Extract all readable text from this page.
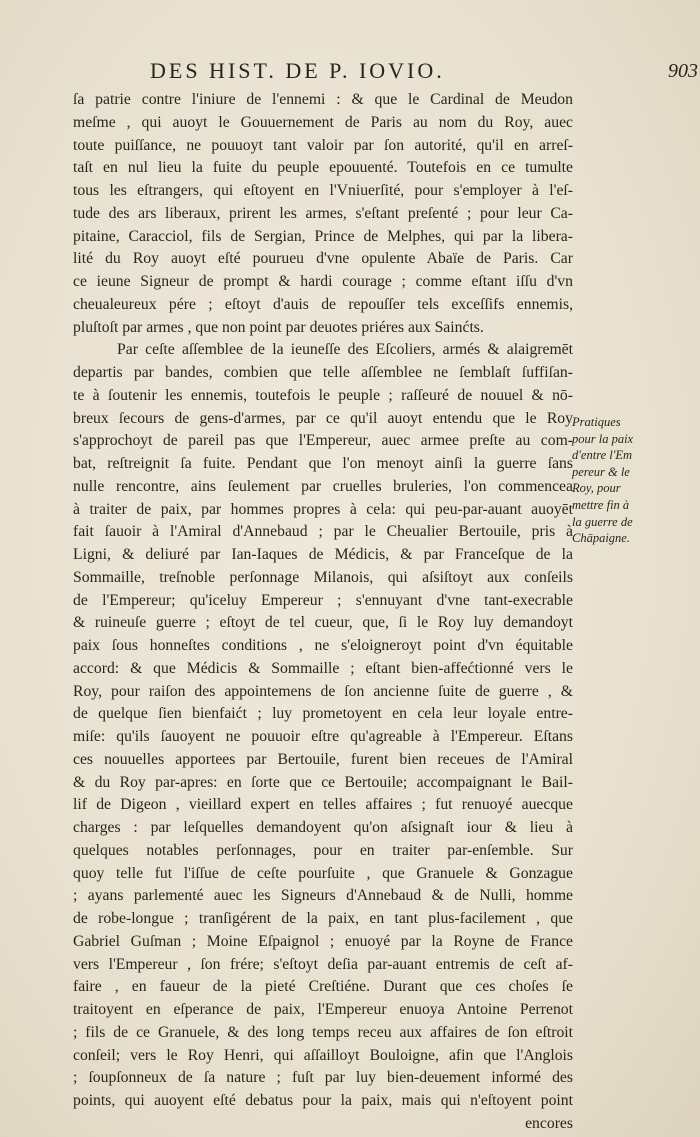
DES HIST. DE P. IOVIO.	903
ſa patrie contre l'iniure de l'ennemi : & que le Cardinal de Meudon
meſme , qui auoyt le Gouuernement de Paris au nom du Roy, auec
toute puiſſance, ne pouuoyt tant valoir par ſon autorité, qu'il en arreſ-
taſt en nul lieu la fuite du peuple epouuenté. Toutefois en ce tumulte
tous les eſtrangers, qui eſtoyent en l'Vniuerſité, pour s'employer à l'eſ-
tude des ars liberaux, prirent les armes, s'eſtant preſenté ; pour leur Ca-
pitaine, Caracciol, fils de Sergian, Prince de Melphes, qui par la libera-
lité du Roy auoyt eſté pourueu d'vne opulente Abaïe de Paris. Car
ce ieune Signeur de prompt & hardi courage ; comme eſtant iſſu d'vn
cheualeureux pére ; eſtoyt d'auis de repouſſer tels exceſſifs ennemis,
pluſtoſt par armes , que non point par deuotes priéres aux Sainćts.
Par ceſte aſſemblee de la ieuneſſe des Eſcoliers, armés & alaigremēt
departis par bandes, combien que telle aſſemblee ne ſemblaſt ſuffiſan-
te à ſoutenir les ennemis, toutefois le peuple ; raſſeuré de nouuel & nō-
breux ſecours de gens-d'armes, par ce qu'il auoyt entendu que le Roy
s'approchoyt de pareil pas que l'Empereur, auec armee preſte au com-
bat, reſtreignit ſa fuite. Pendant que l'on menoyt ainſi la guerre ſans
nulle rencontre, ains ſeulement par cruelles bruleries, l'on commencea
à traiter de paix, par hommes propres à cela: qui peu-par-auant auoyēt
fait ſauoir à l'Amiral d'Annebaud ; par le Cheualier Bertouile, pris à
Ligni, & deliuré par Ian-Iaques de Médicis, & par Franceſque de la
Sommaille, treſnoble perſonnage Milanois, qui aſsiſtoyt aux conſeils
de l'Empereur; qu'iceluy Empereur ; s'ennuyant d'vne tant-execrable
& ruineuſe guerre ; eſtoyt de tel cueur, que, ſi le Roy luy demandoyt
paix ſous honneſtes conditions , ne s'eloigneroyt point d'vn équitable
accord: & que Médicis & Sommaille ; eſtant bien-affećtionné vers le
Roy, pour raiſon des appointemens de ſon ancienne ſuite de guerre , &
de quelque ſien bienfaićt ; luy prometoyent en cela leur loyale entre-
miſe: qu'ils ſauoyent ne pouuoir eſtre qu'agreable à l'Empereur. Eſtans
ces nouuelles apportees par Bertouile, furent bien receues de l'Amiral
& du Roy par-apres: en ſorte que ce Bertouile; accompaignant le Bail-
lif de Digeon , vieillard expert en telles affaires ; fut renuoyé auecque
charges : par leſquelles demandoyent qu'on aſsignaſt iour & lieu à
quelques notables perſonnages, pour en traiter par-enſemble. Sur
quoy telle fut l'iſſue de ceſte pourſuite , que Granuele & Gonzague
; ayans parlementé auec les Signeurs d'Annebaud & de Nulli, homme
de robe-longue ; tranſigérent de la paix, en tant plus-facilement , que
Gabriel Guſman ; Moine Eſpaignol ; enuoyé par la Royne de France
vers l'Empereur , ſon frére; s'eſtoyt deſia par-auant entremis de ceſt af-
faire , en faueur de la pieté Creſtiéne. Durant que ces choſes ſe
traitoyent en eſperance de paix, l'Empereur enuoya Antoine Perrenot
; fils de ce Granuele, & des long temps receu aux affaires de ſon eſtroit
conſeil; vers le Roy Henri, qui aſſailloyt Bouloigne, afin que l'Anglois
; ſoupſonneux de ſa nature ; fuſt par luy bien-deuement informé des
points, qui auoyent eſté debatus pour la paix, mais qui n'eſtoyent point
encores
Pratiques
pour la paix
d'entre l'Em
pereur & le
Roy, pour
mettre fin à
la guerre de
Chāpaigne.
